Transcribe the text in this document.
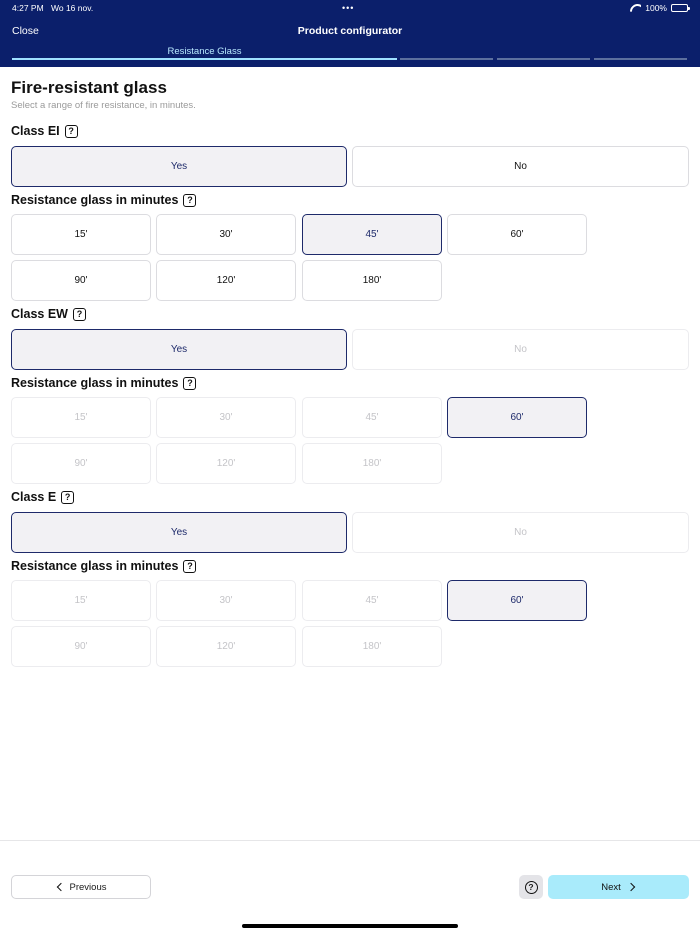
4:27 PM Wo 16 nov.	•••	100%
Close	Product configurator
Resistance Glass
Fire-resistant glass
Select a range of fire resistance, in minutes.
Class EI ?
Yes	No
Resistance glass in minutes ?
15'	30'	45'	60'
90'	120'	180'
Class EW ?
Yes	No
Resistance glass in minutes ?
15'	30'	45'	60'
90'	120'	180'
Class E ?
Yes	No
Resistance glass in minutes ?
15'	30'	45'	60'
90'	120'	180'
Previous	?	Next
